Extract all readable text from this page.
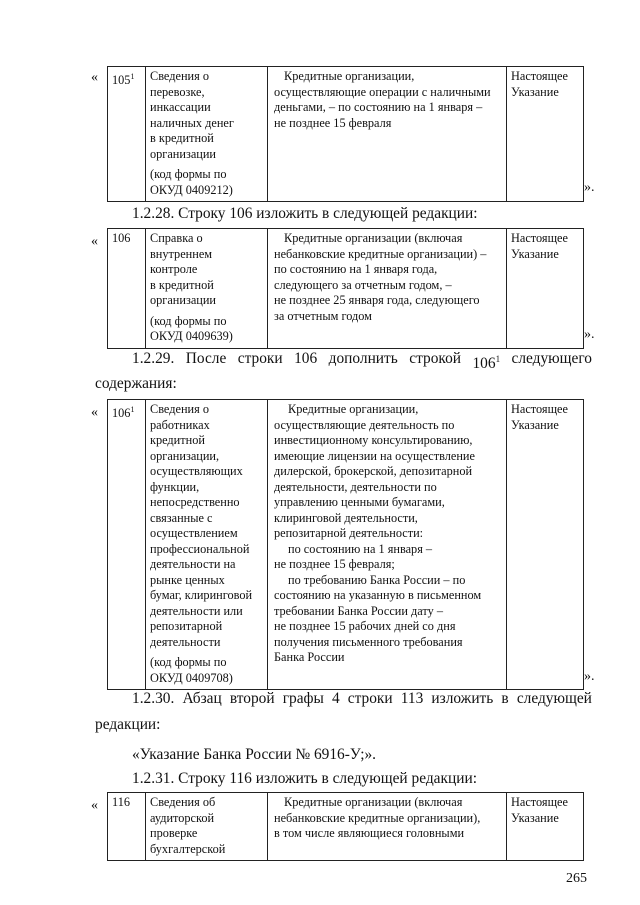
« $105^1$	Сведения о
перевозке,
инкассации
наличных денег
в кредитной
организации
(код формы по
ОКУД 0409212)

Кредитные организации,
осуществляющие операции с наличными
деньгами, – по состоянию на 1 января –
не позднее 15 февраля

Настоящее
Указание
».
1.2.28. Строку 106 изложить в следующей редакции:
« 106	Справка о
внутреннем
контроле
в кредитной
организации
(код формы по
ОКУД 0409639)

Кредитные организации (включая
небанковские кредитные организации) –
по состоянию на 1 января года,
следующего за отчетным годом, –
не позднее 25 января года, следующего
за отчетным годом

Настоящее
Указание
».
1.2.29. После строки 106 дополнить строкой $106^1$ следующего
содержания:
« $106^1$	Сведения о
работниках
кредитной
организации,
осуществляющих
функции,
непосредственно
связанные с
осуществлением
профессиональной
деятельности на
рынке ценных
бумаг, клиринговой
деятельности или
репозитарной
деятельности
(код формы по
ОКУД 0409708)

Кредитные организации,
осуществляющие деятельность по
инвестиционному консультированию,
имеющие лицензии на осуществление
дилерской, брокерской, депозитарной
деятельности, деятельности по
управлению ценными бумагами,
клиринговой деятельности,
репозитарной деятельности:
по состоянию на 1 января –
не позднее 15 февраля;
по требованию Банка России – по
состоянию на указанную в письменном
требовании Банка России дату –
не позднее 15 рабочих дней со дня
получения письменного требования
Банка России

Настоящее
Указание
».
1.2.30. Абзац второй графы 4 строки 113 изложить в следующей
редакции:
«Указание Банка России № 6916-У;».
1.2.31. Строку 116 изложить в следующей редакции:
« 116	Сведения об
аудиторской
проверке
бухгалтерской

Кредитные организации (включая
небанковские кредитные организации),
в том числе являющиеся головными

Настоящее
Указание
265
